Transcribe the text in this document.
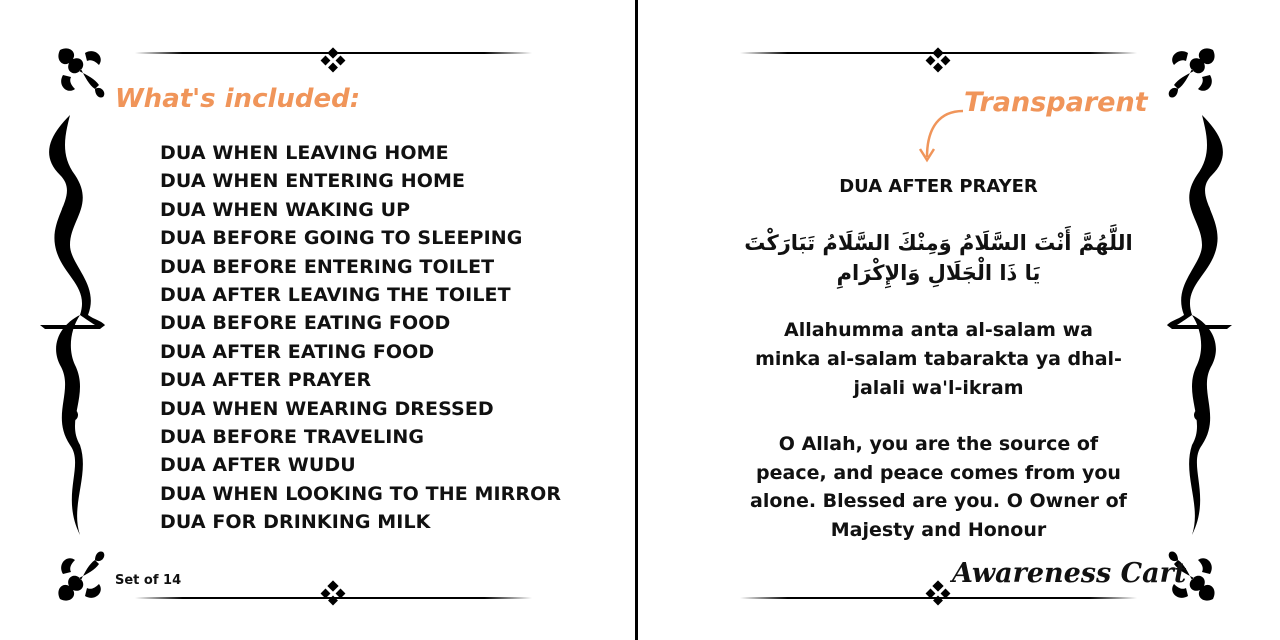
What's included:
DUA WHEN LEAVING HOME
DUA WHEN ENTERING HOME
DUA WHEN WAKING UP
DUA BEFORE GOING TO SLEEPING
DUA BEFORE ENTERING TOILET
DUA AFTER LEAVING THE TOILET
DUA BEFORE EATING FOOD
DUA AFTER EATING FOOD
DUA AFTER PRAYER
DUA WHEN WEARING DRESSED
DUA BEFORE TRAVELING
DUA AFTER WUDU
DUA WHEN LOOKING TO THE MIRROR
DUA FOR DRINKING MILK
Set of 14
Transparent
DUA AFTER PRAYER
اللَّهُمَّ أَنْتَ السَّلَامُ وَمِنْكَ السَّلَامُ تَبَارَكْتَ
يَا ذَا الْجَلَالِ وَالإِكْرَامِ
Allahumma anta al-salam wa minka al-salam tabarakta ya dhal-jalali wa'l-ikram
O Allah, you are the source of peace, and peace comes from you alone. Blessed are you. O Owner of Majesty and Honour
Awareness Cart
